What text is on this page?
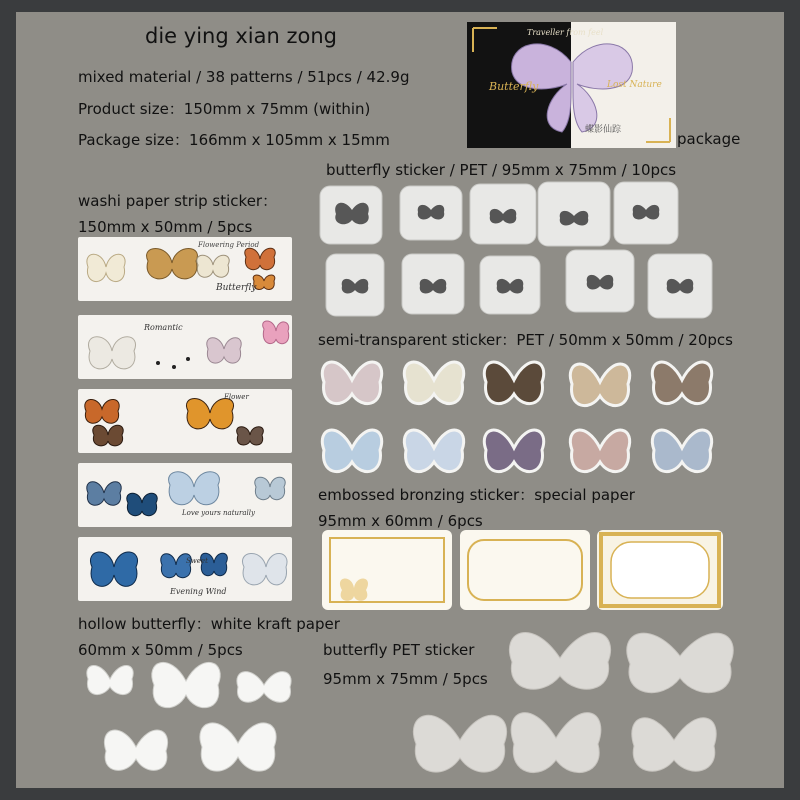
die ying xian zong
mixed material / 38 patterns / 51pcs / 42.9g
Product size：150mm x 75mm (within)
Package size：166mm x 105mm x 15mm
Butterfly	Lost Nature
Traveller from feel
蝶影仙踪	package
butterfly sticker / PET / 95mm x 75mm / 10pcs
washi paper strip sticker：
150mm x 50mm / 5pcs
semi-transparent sticker：PET / 50mm x 50mm / 20pcs
embossed bronzing sticker：special paper
95mm x 60mm / 6pcs
hollow butterfly：white kraft paper
60mm x 50mm / 5pcs	butterfly PET sticker
95mm x 75mm / 5pcs
Flowering Period
Butterfly
Romantic
Flower
Love yours naturally
Sweet
Evening Wind
